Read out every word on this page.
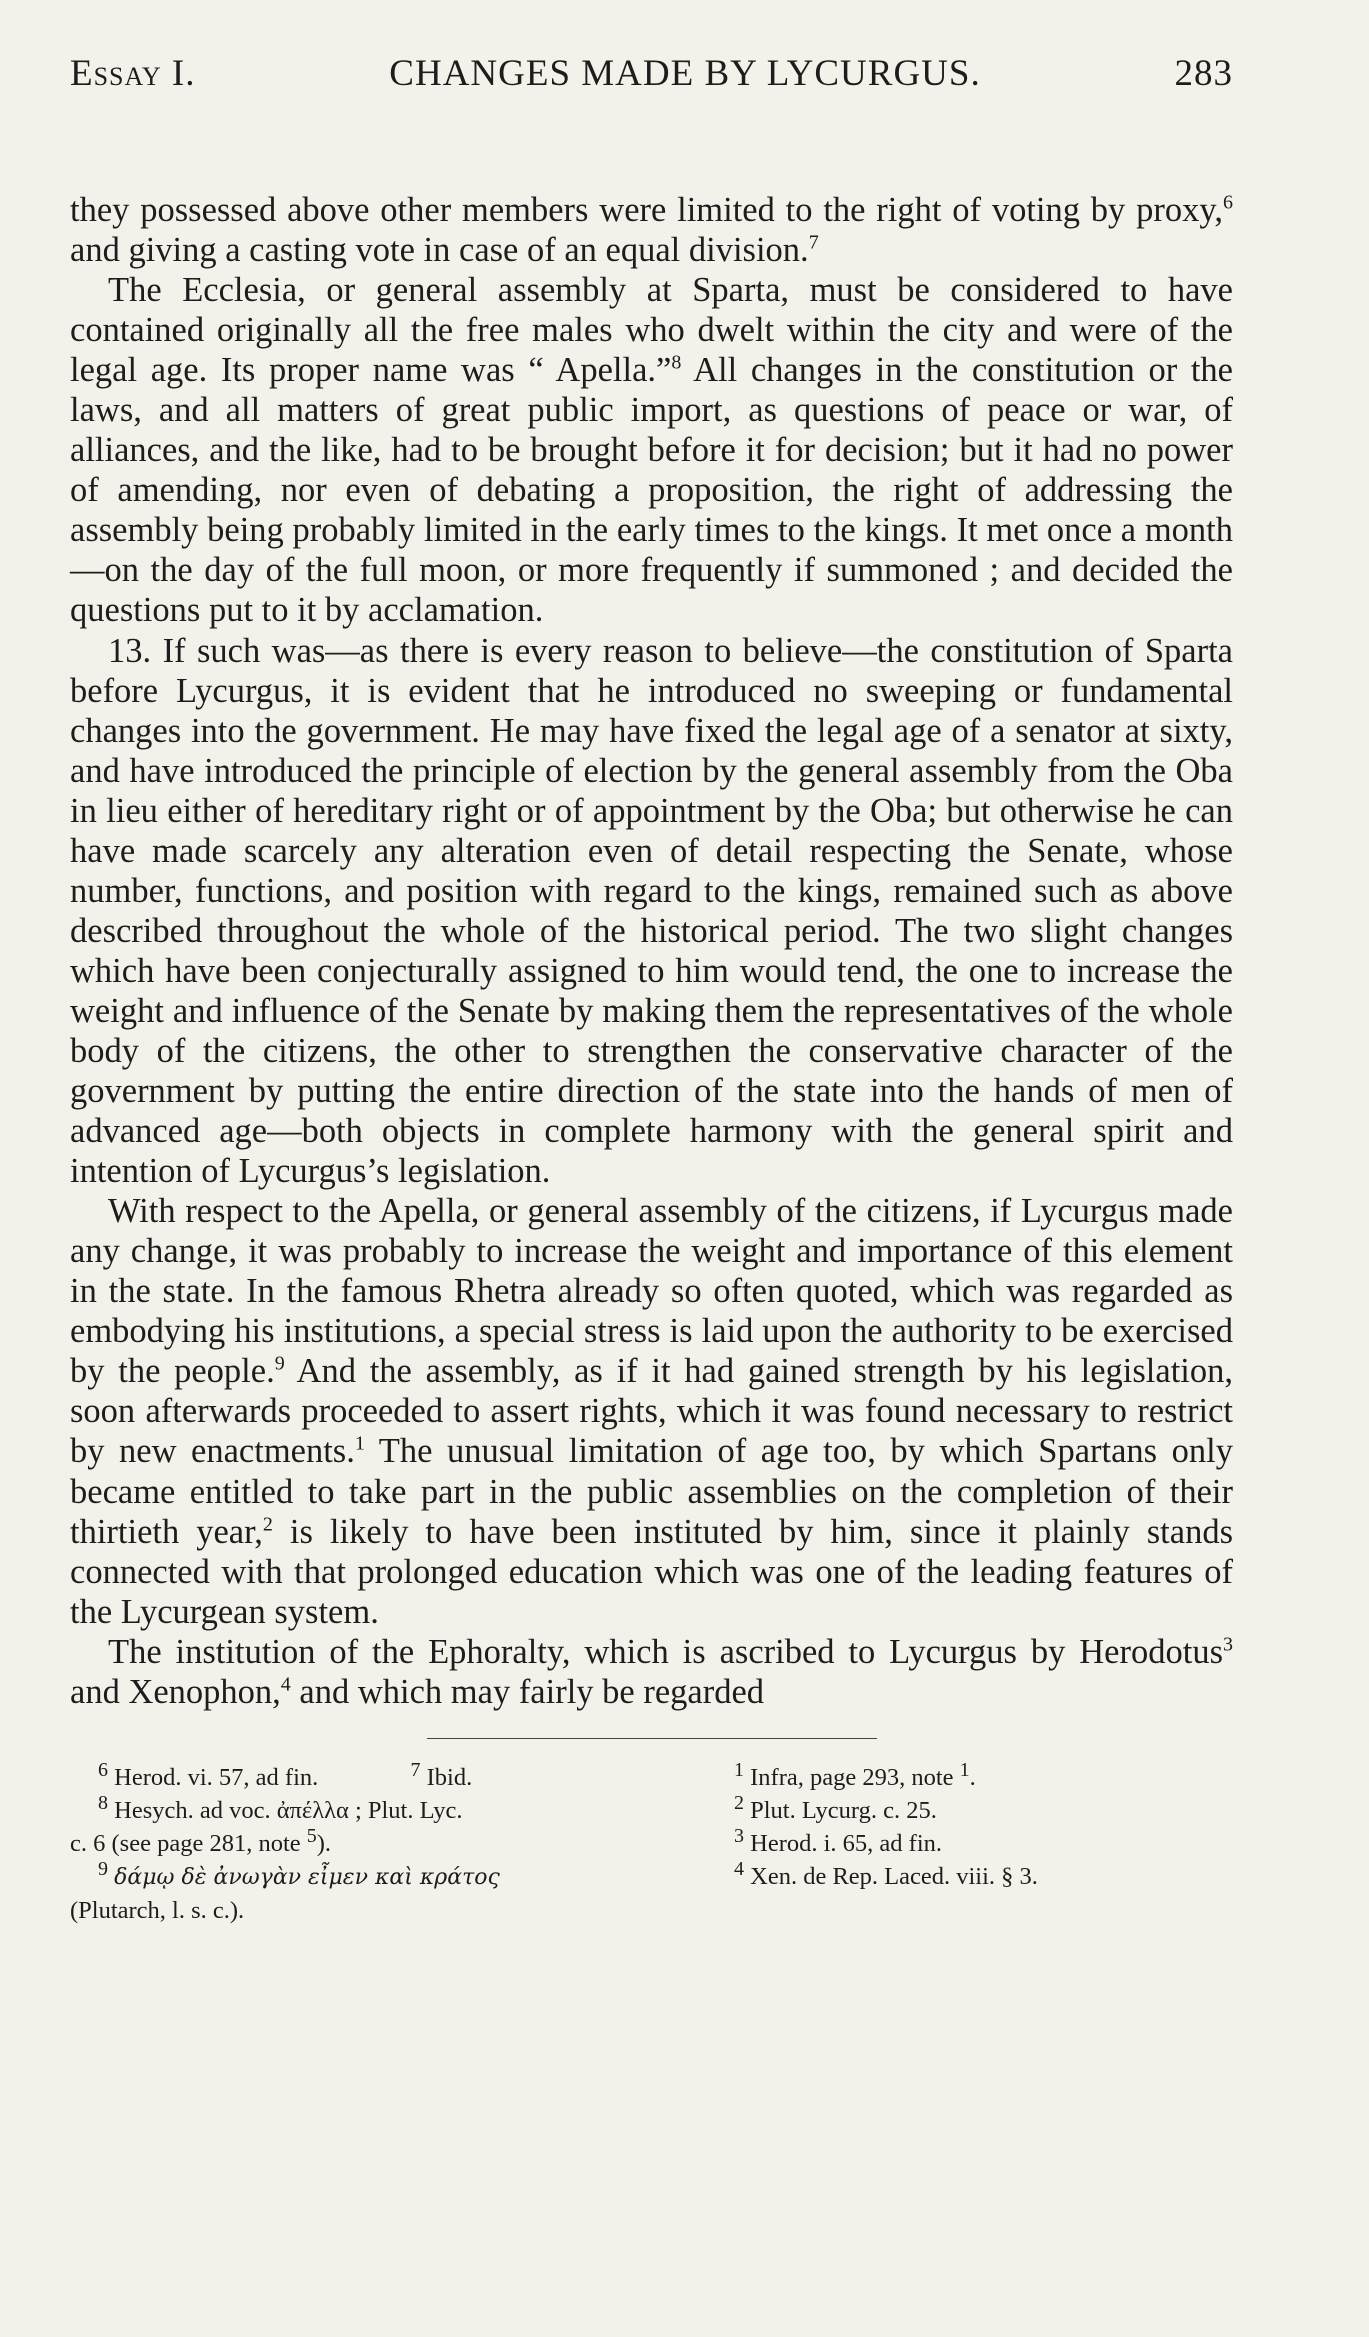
Essay I.	CHANGES MADE BY LYCURGUS.	283

they possessed above other members were limited to the right of voting by proxy,$^6$ and giving a casting vote in case of an equal division.$^7$

The Ecclesia, or general assembly at Sparta, must be considered to have contained originally all the free males who dwelt within the city and were of the legal age. Its proper name was “ Apella.”$^8$ All changes in the constitution or the laws, and all matters of great public import, as questions of peace or war, of alliances, and the like, had to be brought before it for decision; but it had no power of amending, nor even of debating a proposition, the right of addressing the assembly being probably limited in the early times to the kings. It met once a month—on the day of the full moon, or more frequently if summoned ; and decided the questions put to it by acclamation.

13. If such was—as there is every reason to believe—the constitution of Sparta before Lycurgus, it is evident that he introduced no sweeping or fundamental changes into the government. He may have fixed the legal age of a senator at sixty, and have introduced the principle of election by the general assembly from the Oba in lieu either of hereditary right or of appointment by the Oba; but otherwise he can have made scarcely any alteration even of detail respecting the Senate, whose number, functions, and position with regard to the kings, remained such as above described throughout the whole of the historical period. The two slight changes which have been conjecturally assigned to him would tend, the one to increase the weight and influence of the Senate by making them the representatives of the whole body of the citizens, the other to strengthen the conservative character of the government by putting the entire direction of the state into the hands of men of advanced age—both objects in complete harmony with the general spirit and intention of Lycurgus’s legislation.

With respect to the Apella, or general assembly of the citizens, if Lycurgus made any change, it was probably to increase the weight and importance of this element in the state. In the famous Rhetra already so often quoted, which was regarded as embodying his institutions, a special stress is laid upon the authority to be exercised by the people.$^9$ And the assembly, as if it had gained strength by his legislation, soon afterwards proceeded to assert rights, which it was found necessary to restrict by new enactments.$^1$ The unusual limitation of age too, by which Spartans only became entitled to take part in the public assemblies on the completion of their thirtieth year,$^2$ is likely to have been instituted by him, since it plainly stands connected with that prolonged education which was one of the leading features of the Lycurgean system.

The institution of the Ephoralty, which is ascribed to Lycurgus by Herodotus$^3$ and Xenophon,$^4$ and which may fairly be regarded

$^6$ Herod. vi. 57, ad fin.	$^7$ Ibid.

$^8$ Hesych. ad voc. ἀπέλλα ; Plut. Lyc.

c. 6 (see page 281, note $^5$).

$^9$ δάμῳ δὲ ἀνωγὰν εἶμεν καὶ κράτος

(Plutarch, l. s. c.).

$^1$ Infra, page 293, note $^1$.

$^2$ Plut. Lycurg. c. 25.

$^3$ Herod. i. 65, ad fin.

$^4$ Xen. de Rep. Laced. viii. § 3.
